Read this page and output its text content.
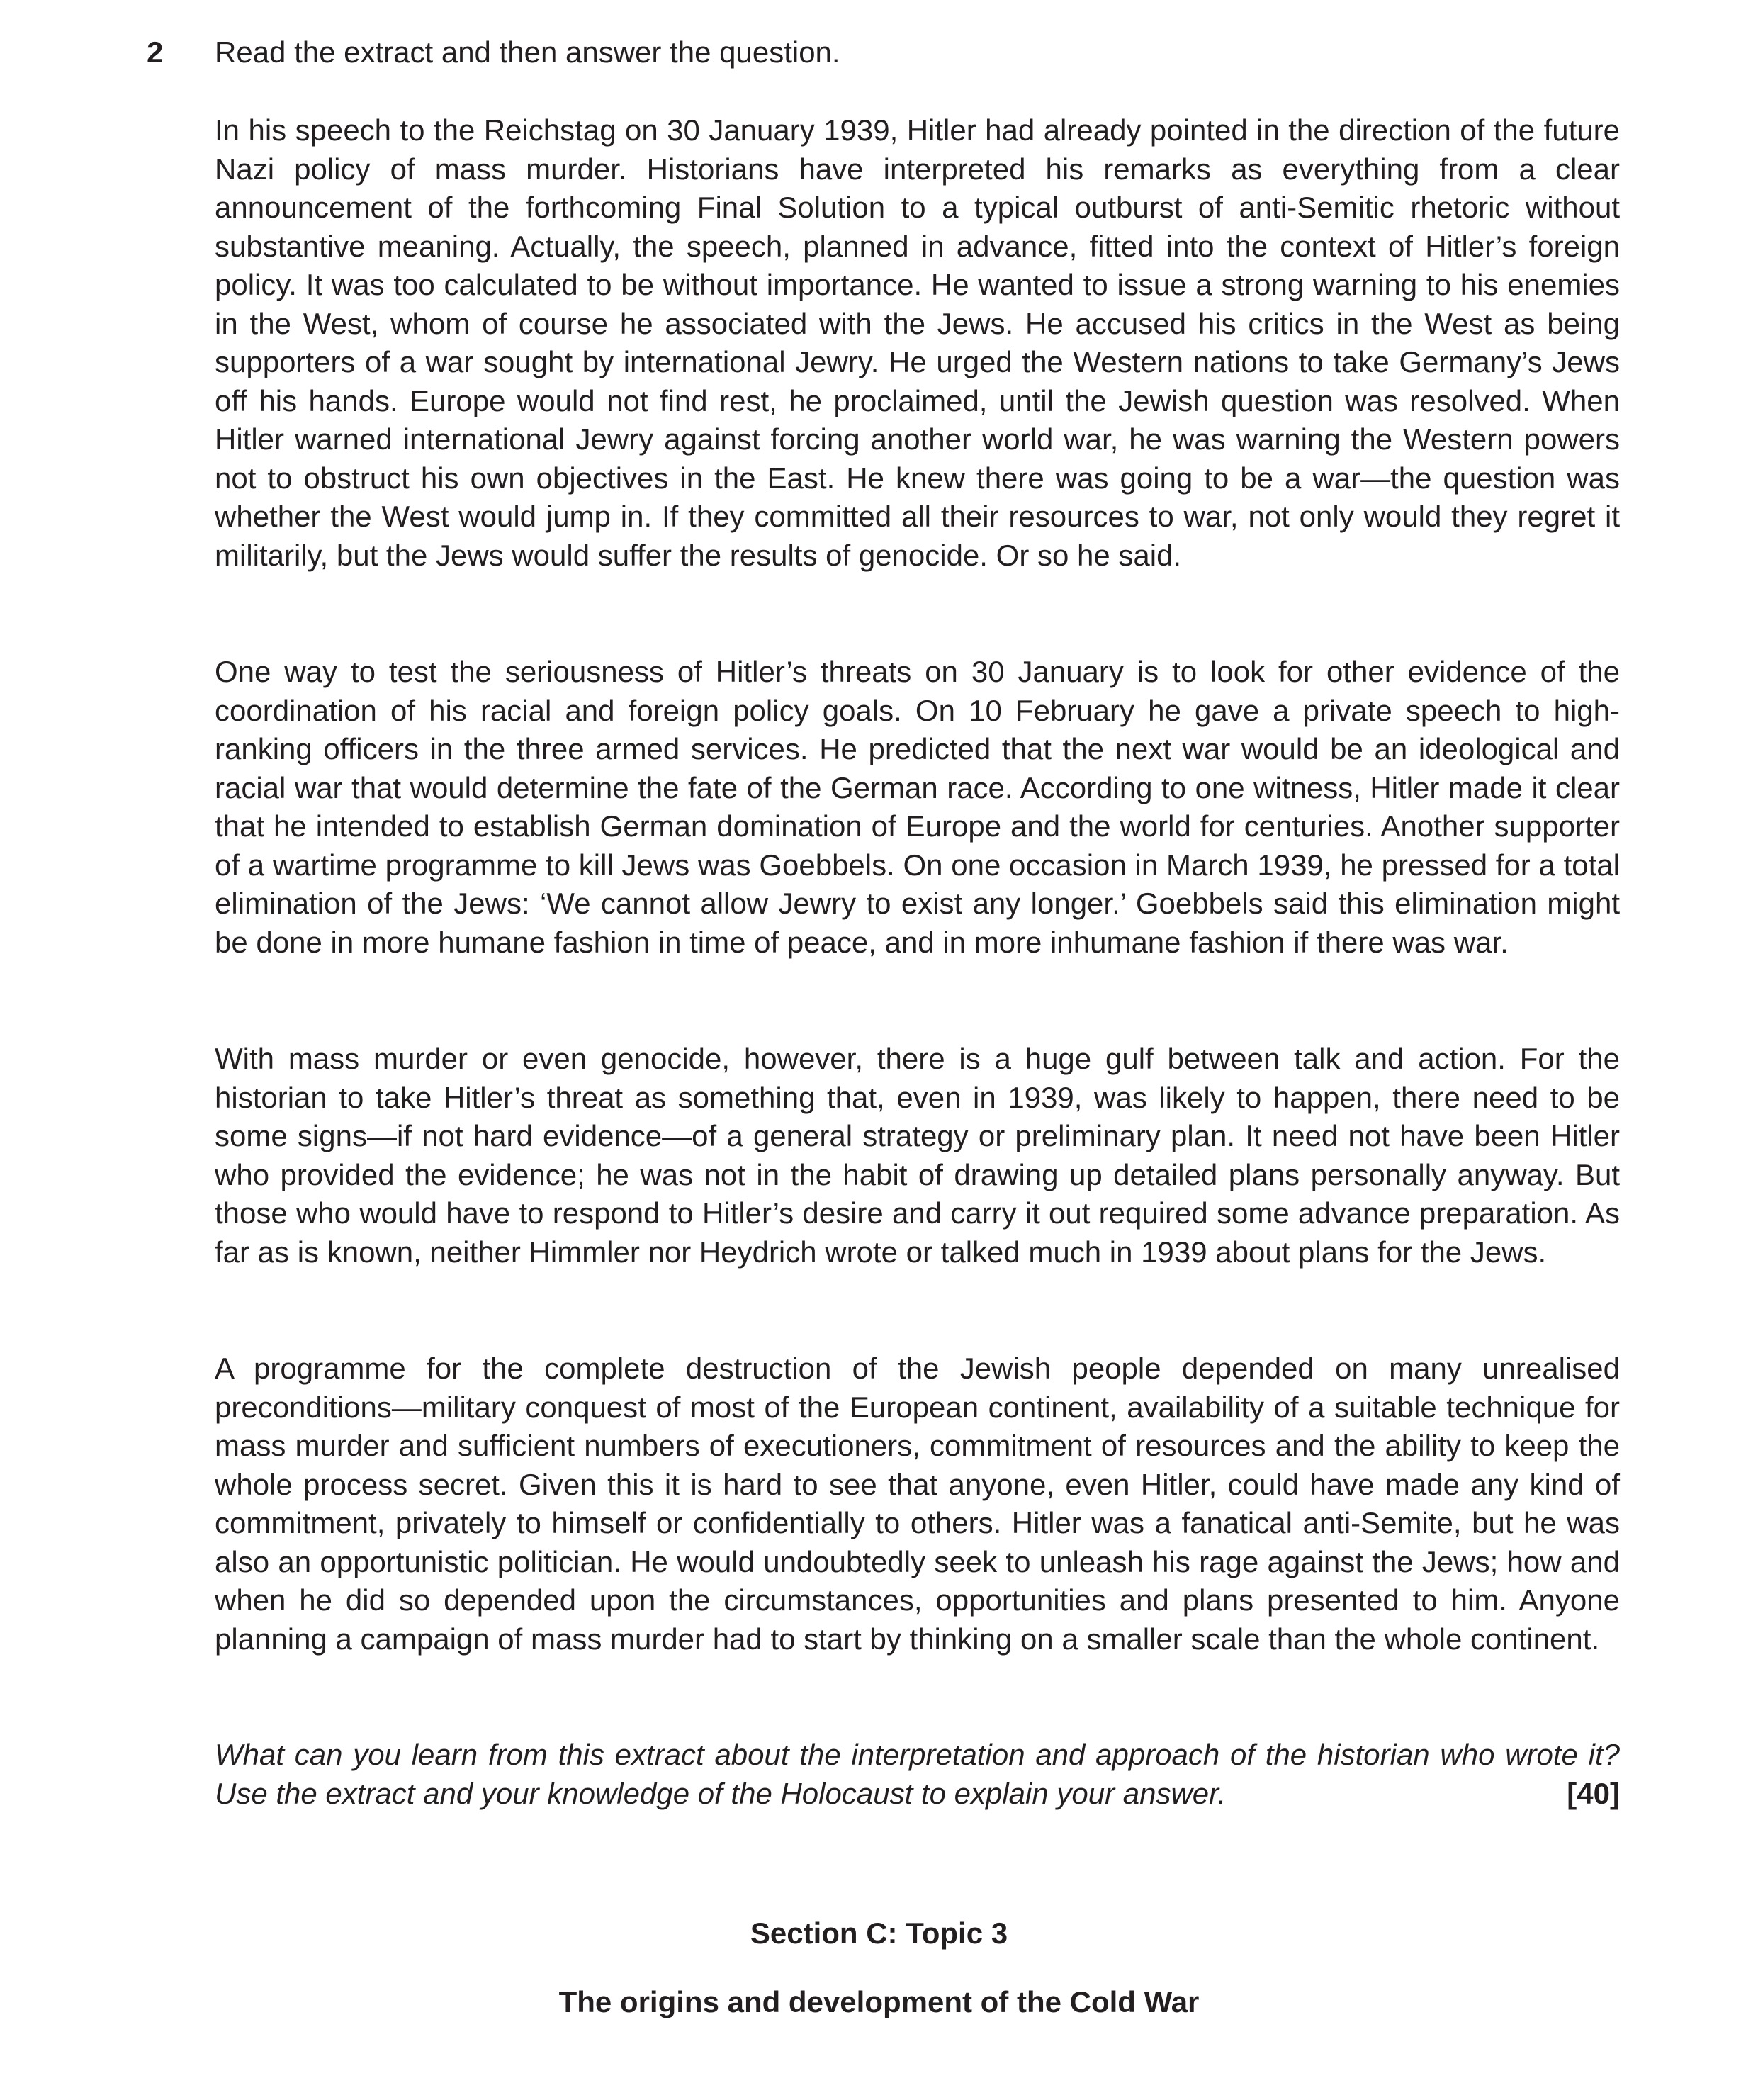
2 Read the extract and then answer the question.

In his speech to the Reichstag on 30 January 1939, Hitler had already pointed in the direction of the future Nazi policy of mass murder. Historians have interpreted his remarks as everything from a clear announcement of the forthcoming Final Solution to a typical outburst of anti-Semitic rhetoric without substantive meaning. Actually, the speech, planned in advance, fitted into the context of Hitler’s foreign policy. It was too calculated to be without importance. He wanted to issue a strong warning to his enemies in the West, whom of course he associated with the Jews. He accused his critics in the West as being supporters of a war sought by international Jewry. He urged the Western nations to take Germany’s Jews off his hands. Europe would not find rest, he proclaimed, until the Jewish question was resolved. When Hitler warned international Jewry against forcing another world war, he was warning the Western powers not to obstruct his own objectives in the East. He knew there was going to be a war—the question was whether the West would jump in. If they committed all their resources to war, not only would they regret it militarily, but the Jews would suffer the results of genocide. Or so he said.

One way to test the seriousness of Hitler’s threats on 30 January is to look for other evidence of the coordination of his racial and foreign policy goals. On 10 February he gave a private speech to high-ranking officers in the three armed services. He predicted that the next war would be an ideological and racial war that would determine the fate of the German race. According to one witness, Hitler made it clear that he intended to establish German domination of Europe and the world for centuries. Another supporter of a wartime programme to kill Jews was Goebbels. On one occasion in March 1939, he pressed for a total elimination of the Jews: ‘We cannot allow Jewry to exist any longer.’ Goebbels said this elimination might be done in more humane fashion in time of peace, and in more inhumane fashion if there was war.

With mass murder or even genocide, however, there is a huge gulf between talk and action. For the historian to take Hitler’s threat as something that, even in 1939, was likely to happen, there need to be some signs—if not hard evidence—of a general strategy or preliminary plan. It need not have been Hitler who provided the evidence; he was not in the habit of drawing up detailed plans personally anyway. But those who would have to respond to Hitler’s desire and carry it out required some advance preparation. As far as is known, neither Himmler nor Heydrich wrote or talked much in 1939 about plans for the Jews.

A programme for the complete destruction of the Jewish people depended on many unrealised preconditions—military conquest of most of the European continent, availability of a suitable technique for mass murder and sufficient numbers of executioners, commitment of resources and the ability to keep the whole process secret. Given this it is hard to see that anyone, even Hitler, could have made any kind of commitment, privately to himself or confidentially to others. Hitler was a fanatical anti-Semite, but he was also an opportunistic politician. He would undoubtedly seek to unleash his rage against the Jews; how and when he did so depended upon the circumstances, opportunities and plans presented to him. Anyone planning a campaign of mass murder had to start by thinking on a smaller scale than the whole continent.

What can you learn from this extract about the interpretation and approach of the historian who wrote it? Use the extract and your knowledge of the Holocaust to explain your answer.	[40]
Section C: Topic 3
The origins and development of the Cold War
